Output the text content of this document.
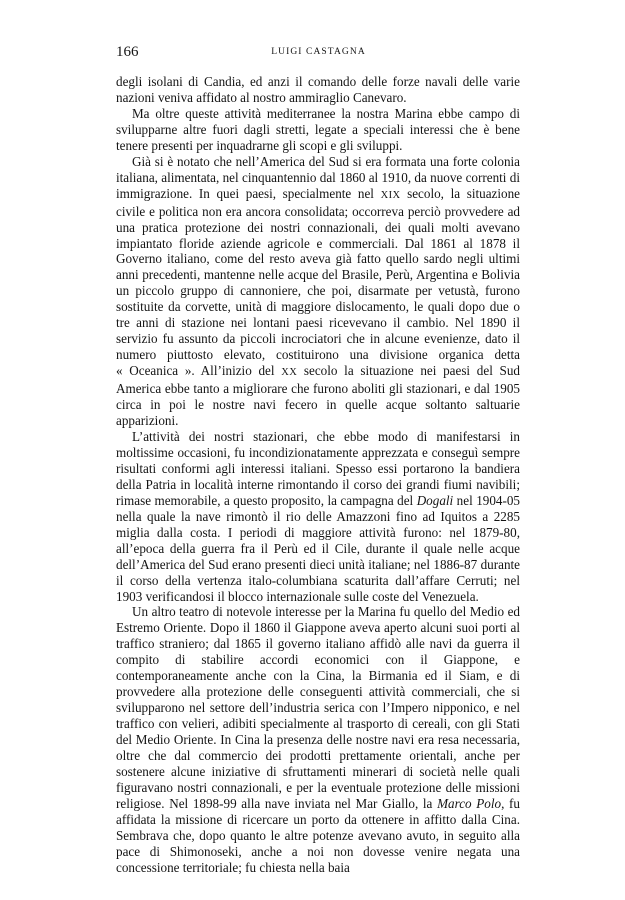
166	LUIGI CASTAGNA

degli isolani di Candia, ed anzi il comando delle forze navali delle varie nazioni veniva affidato al nostro ammiraglio Canevaro.

Ma oltre queste attività mediterranee la nostra Marina ebbe campo di svilupparne altre fuori dagli stretti, legate a speciali interessi che è bene tenere presenti per inquadrarne gli scopi e gli sviluppi.

Già si è notato che nell’America del Sud si era formata una forte colonia italiana, alimentata, nel cinquantennio dal 1860 al 1910, da nuove correnti di immigrazione. In quei paesi, specialmente nel XIX secolo, la situazione civile e politica non era ancora consolidata; occorreva perciò provvedere ad una pratica protezione dei nostri connazionali, dei quali molti avevano impiantato floride aziende agricole e commerciali. Dal 1861 al 1878 il Governo italiano, come del resto aveva già fatto quello sardo negli ultimi anni precedenti, mantenne nelle acque del Brasile, Perù, Argentina e Bolivia un piccolo gruppo di cannoniere, che poi, disarmate per vetustà, furono sostituite da corvette, unità di maggiore dislocamento, le quali dopo due o tre anni di stazione nei lontani paesi ricevevano il cambio. Nel 1890 il servizio fu assunto da piccoli incrociatori che in alcune evenienze, dato il numero piuttosto elevato, costituirono una divisione organica detta « Oceanica ». All’inizio del XX secolo la situazione nei paesi del Sud America ebbe tanto a migliorare che furono aboliti gli stazionari, e dal 1905 circa in poi le nostre navi fecero in quelle acque soltanto saltuarie apparizioni.

L’attività dei nostri stazionari, che ebbe modo di manifestarsi in moltissime occasioni, fu incondizionatamente apprezzata e conseguì sempre risultati conformi agli interessi italiani. Spesso essi portarono la bandiera della Patria in località interne rimontando il corso dei grandi fiumi navibili; rimase memorabile, a questo proposito, la campagna del Dogali nel 1904-05 nella quale la nave rimontò il rio delle Amazzoni fino ad Iquitos a 2285 miglia dalla costa. I periodi di maggiore attività furono: nel 1879-80, all’epoca della guerra fra il Perù ed il Cile, durante il quale nelle acque dell’America del Sud erano presenti dieci unità italiane; nel 1886-87 durante il corso della vertenza italo-columbiana scaturita dall’affare Cerruti; nel 1903 verificandosi il blocco internazionale sulle coste del Venezuela.

Un altro teatro di notevole interesse per la Marina fu quello del Medio ed Estremo Oriente. Dopo il 1860 il Giappone aveva aperto alcuni suoi porti al traffico straniero; dal 1865 il governo italiano affidò alle navi da guerra il compito di stabilire accordi economici con il Giappone, e contemporaneamente anche con la Cina, la Birmania ed il Siam, e di provvedere alla protezione delle conseguenti attività commerciali, che si svilupparono nel settore dell’industria serica con l’Impero nipponico, e nel traffico con velieri, adibiti specialmente al trasporto di cereali, con gli Stati del Medio Oriente. In Cina la presenza delle nostre navi era resa necessaria, oltre che dal commercio dei prodotti prettamente orientali, anche per sostenere alcune iniziative di sfruttamenti minerari di società nelle quali figuravano nostri connazionali, e per la eventuale protezione delle missioni religiose. Nel 1898-99 alla nave inviata nel Mar Giallo, la Marco Polo, fu affidata la missione di ricercare un porto da ottenere in affitto dalla Cina. Sembrava che, dopo quanto le altre potenze avevano avuto, in seguito alla pace di Shimonoseki, anche a noi non dovesse venire negata una concessione territoriale; fu chiesta nella baia
